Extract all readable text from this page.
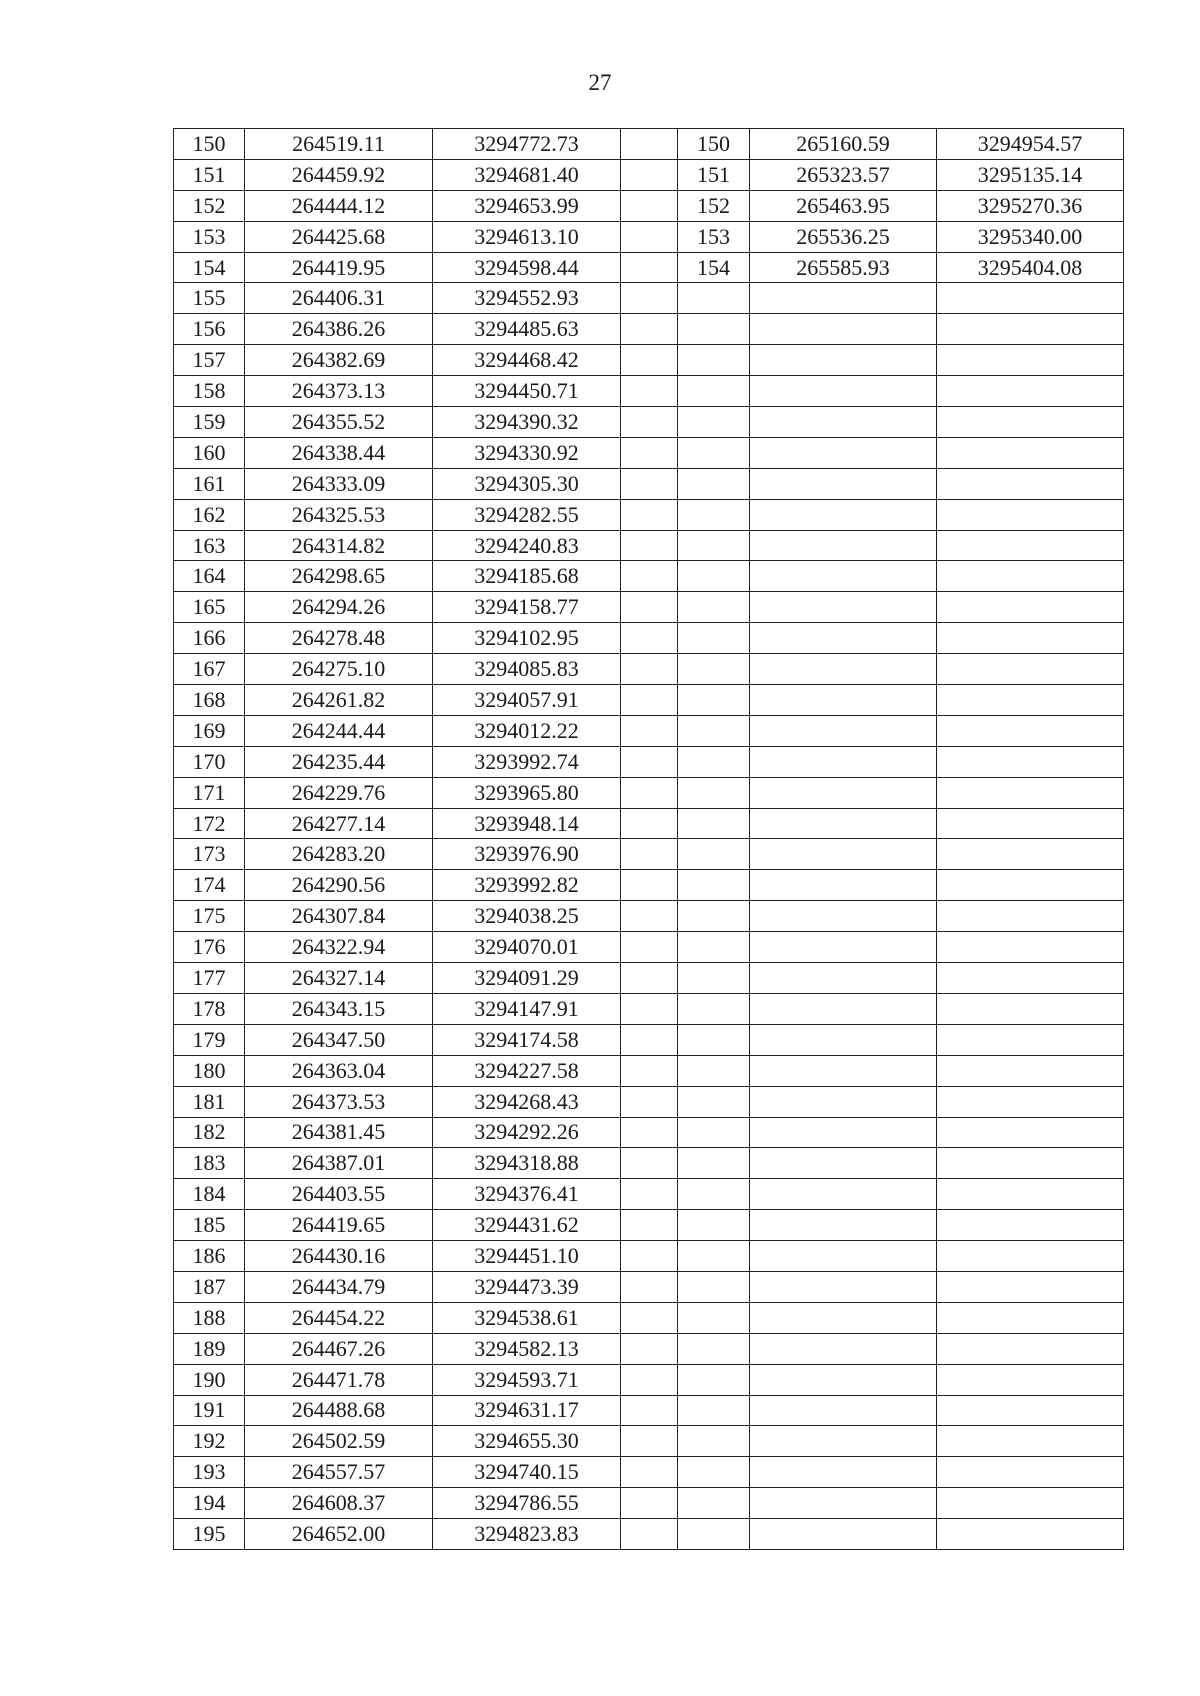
27
150	264519.11	3294772.73		150	265160.59	3294954.57
151	264459.92	3294681.40		151	265323.57	3295135.14
152	264444.12	3294653.99		152	265463.95	3295270.36
153	264425.68	3294613.10		153	265536.25	3295340.00
154	264419.95	3294598.44		154	265585.93	3295404.08
155	264406.31	3294552.93				
156	264386.26	3294485.63				
157	264382.69	3294468.42				
158	264373.13	3294450.71				
159	264355.52	3294390.32				
160	264338.44	3294330.92				
161	264333.09	3294305.30				
162	264325.53	3294282.55				
163	264314.82	3294240.83				
164	264298.65	3294185.68				
165	264294.26	3294158.77				
166	264278.48	3294102.95				
167	264275.10	3294085.83				
168	264261.82	3294057.91				
169	264244.44	3294012.22				
170	264235.44	3293992.74				
171	264229.76	3293965.80				
172	264277.14	3293948.14				
173	264283.20	3293976.90				
174	264290.56	3293992.82				
175	264307.84	3294038.25				
176	264322.94	3294070.01				
177	264327.14	3294091.29				
178	264343.15	3294147.91				
179	264347.50	3294174.58				
180	264363.04	3294227.58				
181	264373.53	3294268.43				
182	264381.45	3294292.26				
183	264387.01	3294318.88				
184	264403.55	3294376.41				
185	264419.65	3294431.62				
186	264430.16	3294451.10				
187	264434.79	3294473.39				
188	264454.22	3294538.61				
189	264467.26	3294582.13				
190	264471.78	3294593.71				
191	264488.68	3294631.17				
192	264502.59	3294655.30				
193	264557.57	3294740.15				
194	264608.37	3294786.55				
195	264652.00	3294823.83				
